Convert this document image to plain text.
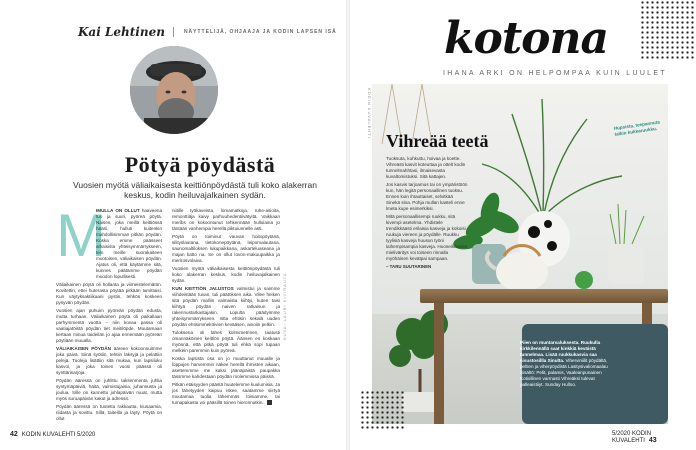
Kai Lehtinen	NÄYTTELIJÄ, OHJAAJA JA KODIN LAPSEN ISÄ
Pötyä pöydästä
Vuosien myötä väliaikaisesta keittiönpöydästä tuli koko alakerran keskus, kodin heiluvajalkainen sydän.
M

IMULLA ON OLLUT haaveena tuo ja suuri, pyöreä pöytä. Naisen, joka meillä keittiössä häärii, hulluti kuitenkin mahdollisimman pitkän pöydän. Koska emme päässeet alhaisista yhteisymmärrykseen, tein meille suorakaiteen muotoisen, väliaikaisen pöydän. Ajatus oli, että käytämme sitä, kunnes päätämme pöydän muodon lopullisesti.

Väliaikainen pöytä oli hollanta ja viimeistelemätön. Kovitettin, ettei huterasta pöytää pitkään tarvittaisi. Kun väytyksaktiikaani pystin, tehkös koskeen pysyvän pöydän.

Vuosien ajan puhuim pyöreän pöydän edusta, mutta turhaan. Väliaikainen pöytä oli paikallaan parhymmentä vuotta – niin kovaa passa oli vaatiajatöistä pöydän tiet meitilöpde. Muutamaan kertaan minua taideilän jo ajaa ennemään pyöreän pöytiään muualla.

VÄLIAIKAISEN PÖYDÄN ääreen kokoonnuimme joka päivä. Siinä syötiin, tehtiin läksyjä ja pelattiin pelejä. Tuoleja lisättiin sitä mukaa, kun lapsiluku kasvoi, ja joka toinen vuosi päässä oli synttärisarjoja.

Pöydän ääressä on juhlittu taksenmenta juhlia syntymäpäiviä, häitä, valmistujaisia, juhannusta ja joulua. Sille on kannettu juhlapäivän ruuat, mutta myös suruapäivän kakut ja adressit.

Pöydän ääressä on tuotettu rakkautta, kiusaamia, riidasta ja sovittu. Sillä, taiteilla ja läyty. Pöytä on ollut

niitille työkaveista, lomamatkoja, ruhe-asioita, remonttiäja kaivy parhuuhedentiivätyitä. Vaikkaan meribs on kokoontunut tehkennään hulloiaina jo täntään vanhempia herellä piktuiunnelle asti.

Pöytä on toiminut vauvan hoitopöytänä, silityslautana, tietokonepöytänä, leipomalautana, saunomaltiloksen lukupaikkana, askarteluaseana ja majan katto na. Se on ollut lovon-makuupaikka ja merirosvolaiva.

Vuosien myötä väliaikaisesta keittiönpöydästä tuli koko alakerran keskus, kodin heiluvajalkainen sydän.

KUN KEITTIÖN JALUSTOS valmistui ja saimme viihdeistään tuvan, tuli päätöksen aika. Vilee heiken sitä pöydän malliin valmaista kiihtyi, kuten taisi kiihtyä pöydän naiven ratkaisun ja rakennustarkastajakin. Lopulta päädyimme yhteisymmärrykseen. Istta ehtisin sekalä uuden pöydän ehtisimmeköivien kevääsen, ainoiin pelkin.

Tuloksena oli lähes kolmimetrinen, taatusti omannäköinen keittiön pöytä. Äänsen en koskaan myönnä, että pitkä pöytä tuli ehkä sopi tupaan melkein paremmin kuin pyöreä.

Koska lapsista osa on jo muuttanut muualle ja loppujen harvemmin näkee herellä ihmisten aikaan, asettemmme me kaksi jäänäpäistä paupakka tässmme kahdestaan pöydän molemmissa päissä.

Pitkän etäisyyden päästä huutelemme kuulumisia. Ja jos lähetyyden kaipuu iskee, saatamme siirtyä muutamaa tuolia lähemmäs toisiamme, tai tumapakasta voi pääsillä toinen hieronnutkin.

KUVA: LAURI KIVIRAUTA
42 KODIN KUVALEHTI 5/2020
kotona
IHANA ARKI ON HELPOMPAA KUIN LUULET
KODIN KUVALEHTI
Vihreää teetä

Tuoksuta, kuhkuttu, hoivaa ja koette. Vihreästi kasvit koteuttaa ja ottelt kodin tunnelmahhtasi, ilmaisevasta kuvaltomistuksi. Sitä kattajen.

Jos kasvis tarjoamus tai on ympäristöön kun, hän legitä personaallinen tuoksu. Ennen kuin ihtauttaiset, selvitkää Sinekä sina. Pohja mullan kasteli enne lmeta kupe esimerkiksi.

Mitä personaallisempi ruukku, sitä kivempi asetelma. Yhdistele trendikkäästi erilaisia kasveja ja kokoisi ruukuja viereen ja pöydälle. Ruukku tyylisiä kasveja huusun työni laihempisampia kasveja. Huoneikasvien mieliväritys voi toiseen rinnalla myöhäinen kevätpai sampaan.

– TARU SUUTARINEN

Hupsista, teepannuta talkin kukkaruukku.
Piien on muntarsaluksesta. Ruukulla kirkkilennällä saat kinkkiä keväistä tunnelmaa. Lisää ruukkukasvia saa sisustosillla Sinulta. Viherviniilit pöydältä, peltien ja viherpöydistä Lasitysivaliomaalau Sisältö: Pelit, palamis, Vaaleanpunainen Kotiollinen varmasti Vihreäksi tulevat palleaistiiyt. Sunday Hulloo.
5/2020 KODIN KUVALEHTI 43
